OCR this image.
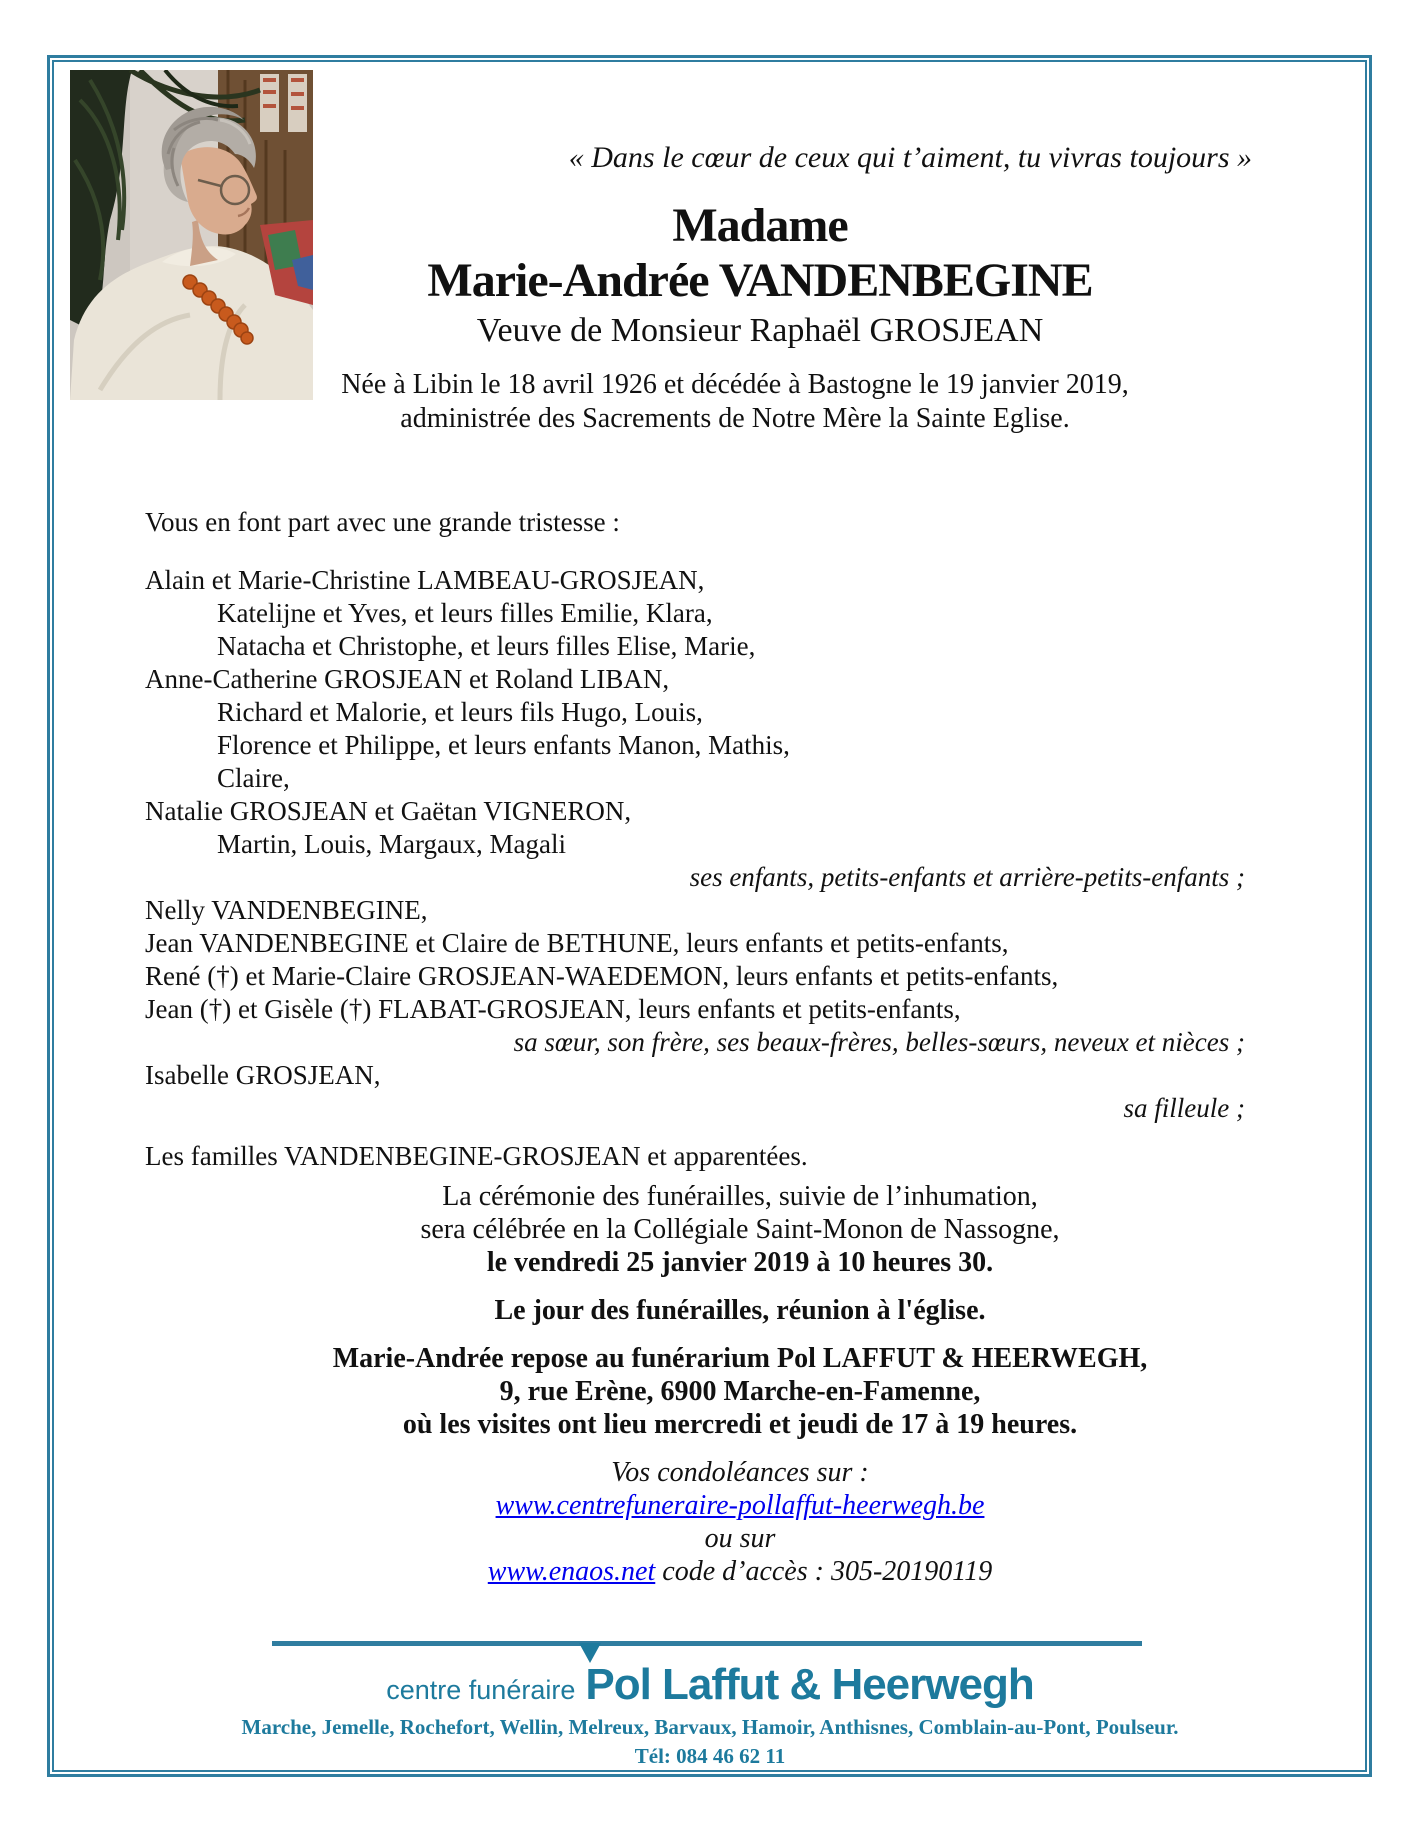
« Dans le cœur de ceux qui t’aiment, tu vivras toujours »
Madame
Marie-Andrée VANDENBEGINE
Veuve de Monsieur Raphaël GROSJEAN
Née à Libin le 18 avril 1926 et décédée à Bastogne le 19 janvier 2019,
administrée des Sacrements de Notre Mère la Sainte Eglise.
Vous en font part avec une grande tristesse :
Alain et Marie-Christine LAMBEAU-GROSJEAN,
Katelijne et Yves, et leurs filles Emilie, Klara,
Natacha et Christophe, et leurs filles Elise, Marie,
Anne-Catherine GROSJEAN et Roland LIBAN,
Richard et Malorie, et leurs fils Hugo, Louis,
Florence et Philippe, et leurs enfants Manon, Mathis,
Claire,
Natalie GROSJEAN et Gaëtan VIGNERON,
Martin, Louis, Margaux, Magali
ses enfants, petits-enfants et arrière-petits-enfants ;
Nelly VANDENBEGINE,
Jean VANDENBEGINE et Claire de BETHUNE, leurs enfants et petits-enfants,
René (†) et Marie-Claire GROSJEAN-WAEDEMON, leurs enfants et petits-enfants,
Jean (†) et Gisèle (†) FLABAT-GROSJEAN, leurs enfants et petits-enfants,
sa sœur, son frère, ses beaux-frères, belles-sœurs, neveux et nièces ;
Isabelle GROSJEAN,
sa filleule ;
Les familles VANDENBEGINE-GROSJEAN et apparentées.
La cérémonie des funérailles, suivie de l’inhumation,
sera célébrée en la Collégiale Saint-Monon de Nassogne,
le vendredi 25 janvier 2019 à 10 heures 30.
Le jour des funérailles, réunion à l'église.
Marie-Andrée repose au funérarium Pol LAFFUT & HEERWEGH,
9, rue Erène, 6900 Marche-en-Famenne,
où les visites ont lieu mercredi et jeudi de 17 à 19 heures.
Vos condoléances sur :
www.centrefuneraire-pollaffut-heerwegh.be
ou sur
www.enaos.net code d’accès : 305-20190119
centre funéraire Pol Laffut & Heerwegh
Marche, Jemelle, Rochefort, Wellin, Melreux, Barvaux, Hamoir, Anthisnes, Comblain-au-Pont, Poulseur.
Tél: 084 46 62 11
